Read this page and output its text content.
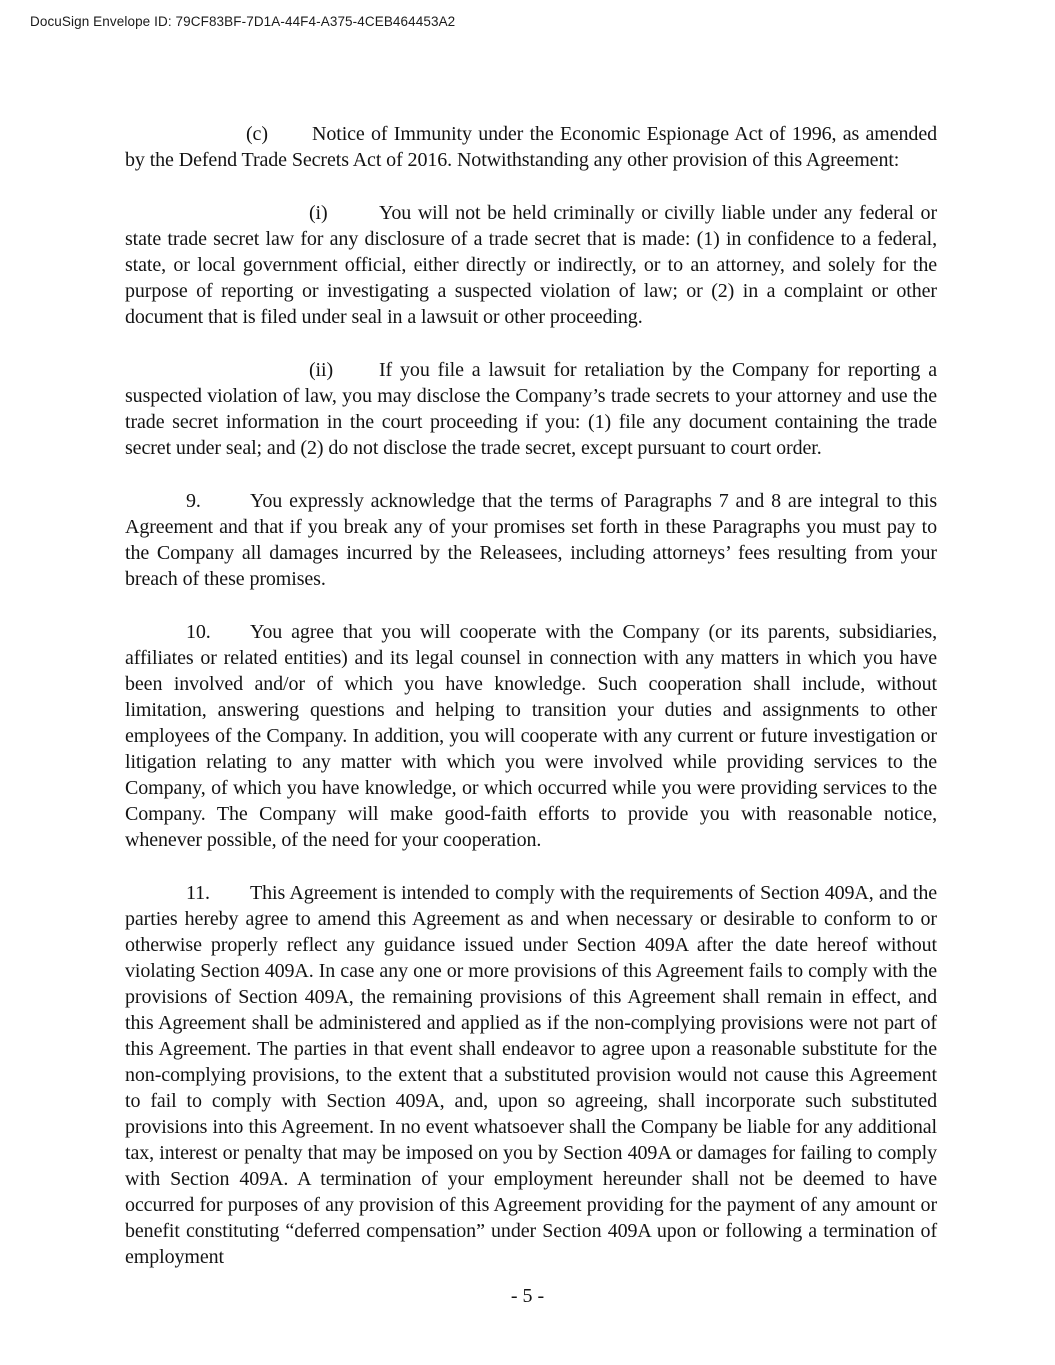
DocuSign Envelope ID: 79CF83BF-7D1A-44F4-A375-4CEB464453A2

(c) Notice of Immunity under the Economic Espionage Act of 1996, as amended by the Defend Trade Secrets Act of 2016. Notwithstanding any other provision of this Agreement:

(i)	You will not be held criminally or civilly liable under any federal or state trade secret law for any disclosure of a trade secret that is made: (1) in confidence to a federal, state, or local government official, either directly or indirectly, or to an attorney, and solely for the purpose of reporting or investigating a suspected violation of law; or (2) in a complaint or other document that is filed under seal in a lawsuit or other proceeding.

(ii) If you file a lawsuit for retaliation by the Company for reporting a suspected violation of law, you may disclose the Company’s trade secrets to your attorney and use the trade secret information in the court proceeding if you: (1) file any document containing the trade secret under seal; and (2) do not disclose the trade secret, except pursuant to court order.

9. You expressly acknowledge that the terms of Paragraphs 7 and 8 are integral to this Agreement and that if you break any of your promises set forth in these Paragraphs you must pay to the Company all damages incurred by the Releasees, including attorneys’ fees resulting from your breach of these promises.

10. You agree that you will cooperate with the Company (or its parents, subsidiaries, affiliates or related entities) and its legal counsel in connection with any matters in which you have been involved and/or of which you have knowledge. Such cooperation shall include, without limitation, answering questions and helping to transition your duties and assignments to other employees of the Company. In addition, you will cooperate with any current or future investigation or litigation relating to any matter with which you were involved while providing services to the Company, of which you have knowledge, or which occurred while you were providing services to the Company. The Company will make good-faith efforts to provide you with reasonable notice, whenever possible, of the need for your cooperation.

11. This Agreement is intended to comply with the requirements of Section 409A, and the parties hereby agree to amend this Agreement as and when necessary or desirable to conform to or otherwise properly reflect any guidance issued under Section 409A after the date hereof without violating Section 409A. In case any one or more provisions of this Agreement fails to comply with the provisions of Section 409A, the remaining provisions of this Agreement shall remain in effect, and this Agreement shall be administered and applied as if the non-complying provisions were not part of this Agreement. The parties in that event shall endeavor to agree upon a reasonable substitute for the non-complying provisions, to the extent that a substituted provision would not cause this Agreement to fail to comply with Section 409A, and, upon so agreeing, shall incorporate such substituted provisions into this Agreement. In no event whatsoever shall the Company be liable for any additional tax, interest or penalty that may be imposed on you by Section 409A or damages for failing to comply with Section 409A. A termination of your employment hereunder shall not be deemed to have occurred for purposes of any provision of this Agreement providing for the payment of any amount or benefit constituting “deferred compensation” under Section 409A upon or following a termination of employment

- 5 -
